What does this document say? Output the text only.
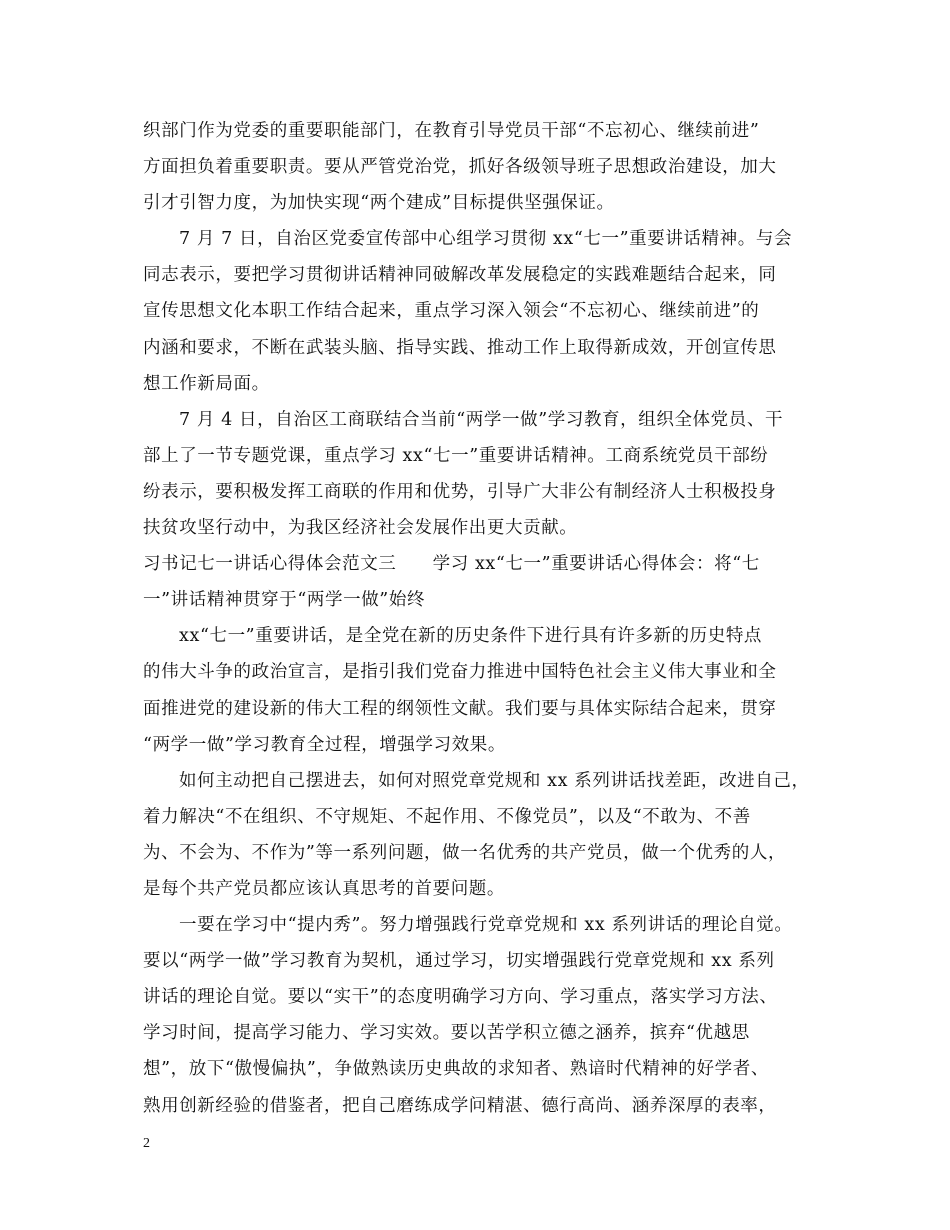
织部门作为党委的重要职能部门，在教育引导党员干部“不忘初心、继续前进”
方面担负着重要职责。要从严管党治党，抓好各级领导班子思想政治建设，加大
引才引智力度，为加快实现“两个建成”目标提供坚强保证。
7 月 7 日，自治区党委宣传部中心组学习贯彻 xx“七一”重要讲话精神。与会
同志表示，要把学习贯彻讲话精神同破解改革发展稳定的实践难题结合起来，同
宣传思想文化本职工作结合起来，重点学习深入领会“不忘初心、继续前进”的
内涵和要求，不断在武装头脑、指导实践、推动工作上取得新成效，开创宣传思
想工作新局面。
7 月 4 日，自治区工商联结合当前“两学一做”学习教育，组织全体党员、干
部上了一节专题党课，重点学习 xx“七一”重要讲话精神。工商系统党员干部纷
纷表示，要积极发挥工商联的作用和优势，引导广大非公有制经济人士积极投身
扶贫攻坚行动中，为我区经济社会发展作出更大贡献。
习书记七一讲话心得体会范文三　　学习 xx“七一”重要讲话心得体会：将“七
一”讲话精神贯穿于“两学一做”始终
xx“七一”重要讲话，是全党在新的历史条件下进行具有许多新的历史特点
的伟大斗争的政治宣言，是指引我们党奋力推进中国特色社会主义伟大事业和全
面推进党的建设新的伟大工程的纲领性文献。我们要与具体实际结合起来，贯穿
“两学一做”学习教育全过程，增强学习效果。
如何主动把自己摆进去，如何对照党章党规和 xx 系列讲话找差距，改进自己，
着力解决“不在组织、不守规矩、不起作用、不像党员”，以及“不敢为、不善
为、不会为、不作为”等一系列问题，做一名优秀的共产党员，做一个优秀的人，
是每个共产党员都应该认真思考的首要问题。
一要在学习中“提内秀”。努力增强践行党章党规和 xx 系列讲话的理论自觉。
要以“两学一做”学习教育为契机，通过学习，切实增强践行党章党规和 xx 系列
讲话的理论自觉。要以“实干”的态度明确学习方向、学习重点，落实学习方法、
学习时间，提高学习能力、学习实效。要以苦学积立德之涵养，摈弃“优越思
想”，放下“傲慢偏执”，争做熟读历史典故的求知者、熟谙时代精神的好学者、
熟用创新经验的借鉴者，把自己磨练成学问精湛、德行高尚、涵养深厚的表率，
2
